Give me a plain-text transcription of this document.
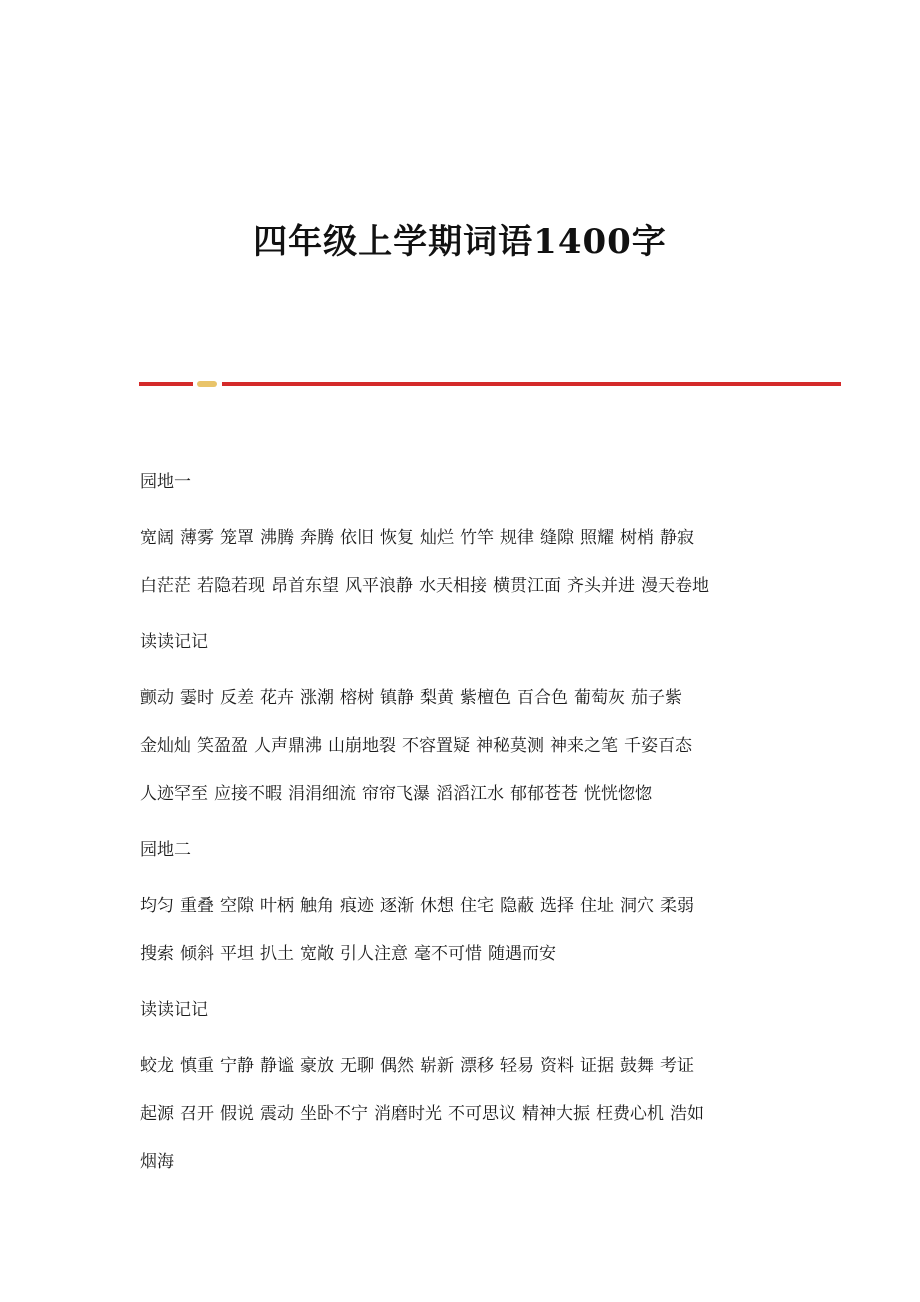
四年级上学期词语1400字
园地一
宽阔 薄雾 笼罩 沸腾 奔腾 依旧 恢复 灿烂 竹竿 规律 缝隙 照耀 树梢 静寂
白茫茫 若隐若现 昂首东望 风平浪静 水天相接 横贯江面 齐头并进 漫天卷地
读读记记
颤动 霎时 反差 花卉 涨潮 榕树 镇静 梨黄 紫檀色 百合色 葡萄灰 茄子紫
金灿灿 笑盈盈 人声鼎沸 山崩地裂 不容置疑 神秘莫测 神来之笔 千姿百态
人迹罕至 应接不暇 涓涓细流 帘帘飞瀑 滔滔江水 郁郁苍苍 恍恍惚惚
园地二
均匀 重叠 空隙 叶柄 触角 痕迹 逐渐 休想 住宅 隐蔽 选择 住址 洞穴 柔弱
搜索 倾斜 平坦 扒土 宽敞 引人注意 毫不可惜 随遇而安
读读记记
蛟龙 慎重 宁静 静谧 豪放 无聊 偶然 崭新 漂移 轻易 资料 证据 鼓舞 考证
起源 召开 假说 震动 坐卧不宁 消磨时光 不可思议 精神大振 枉费心机 浩如
烟海
